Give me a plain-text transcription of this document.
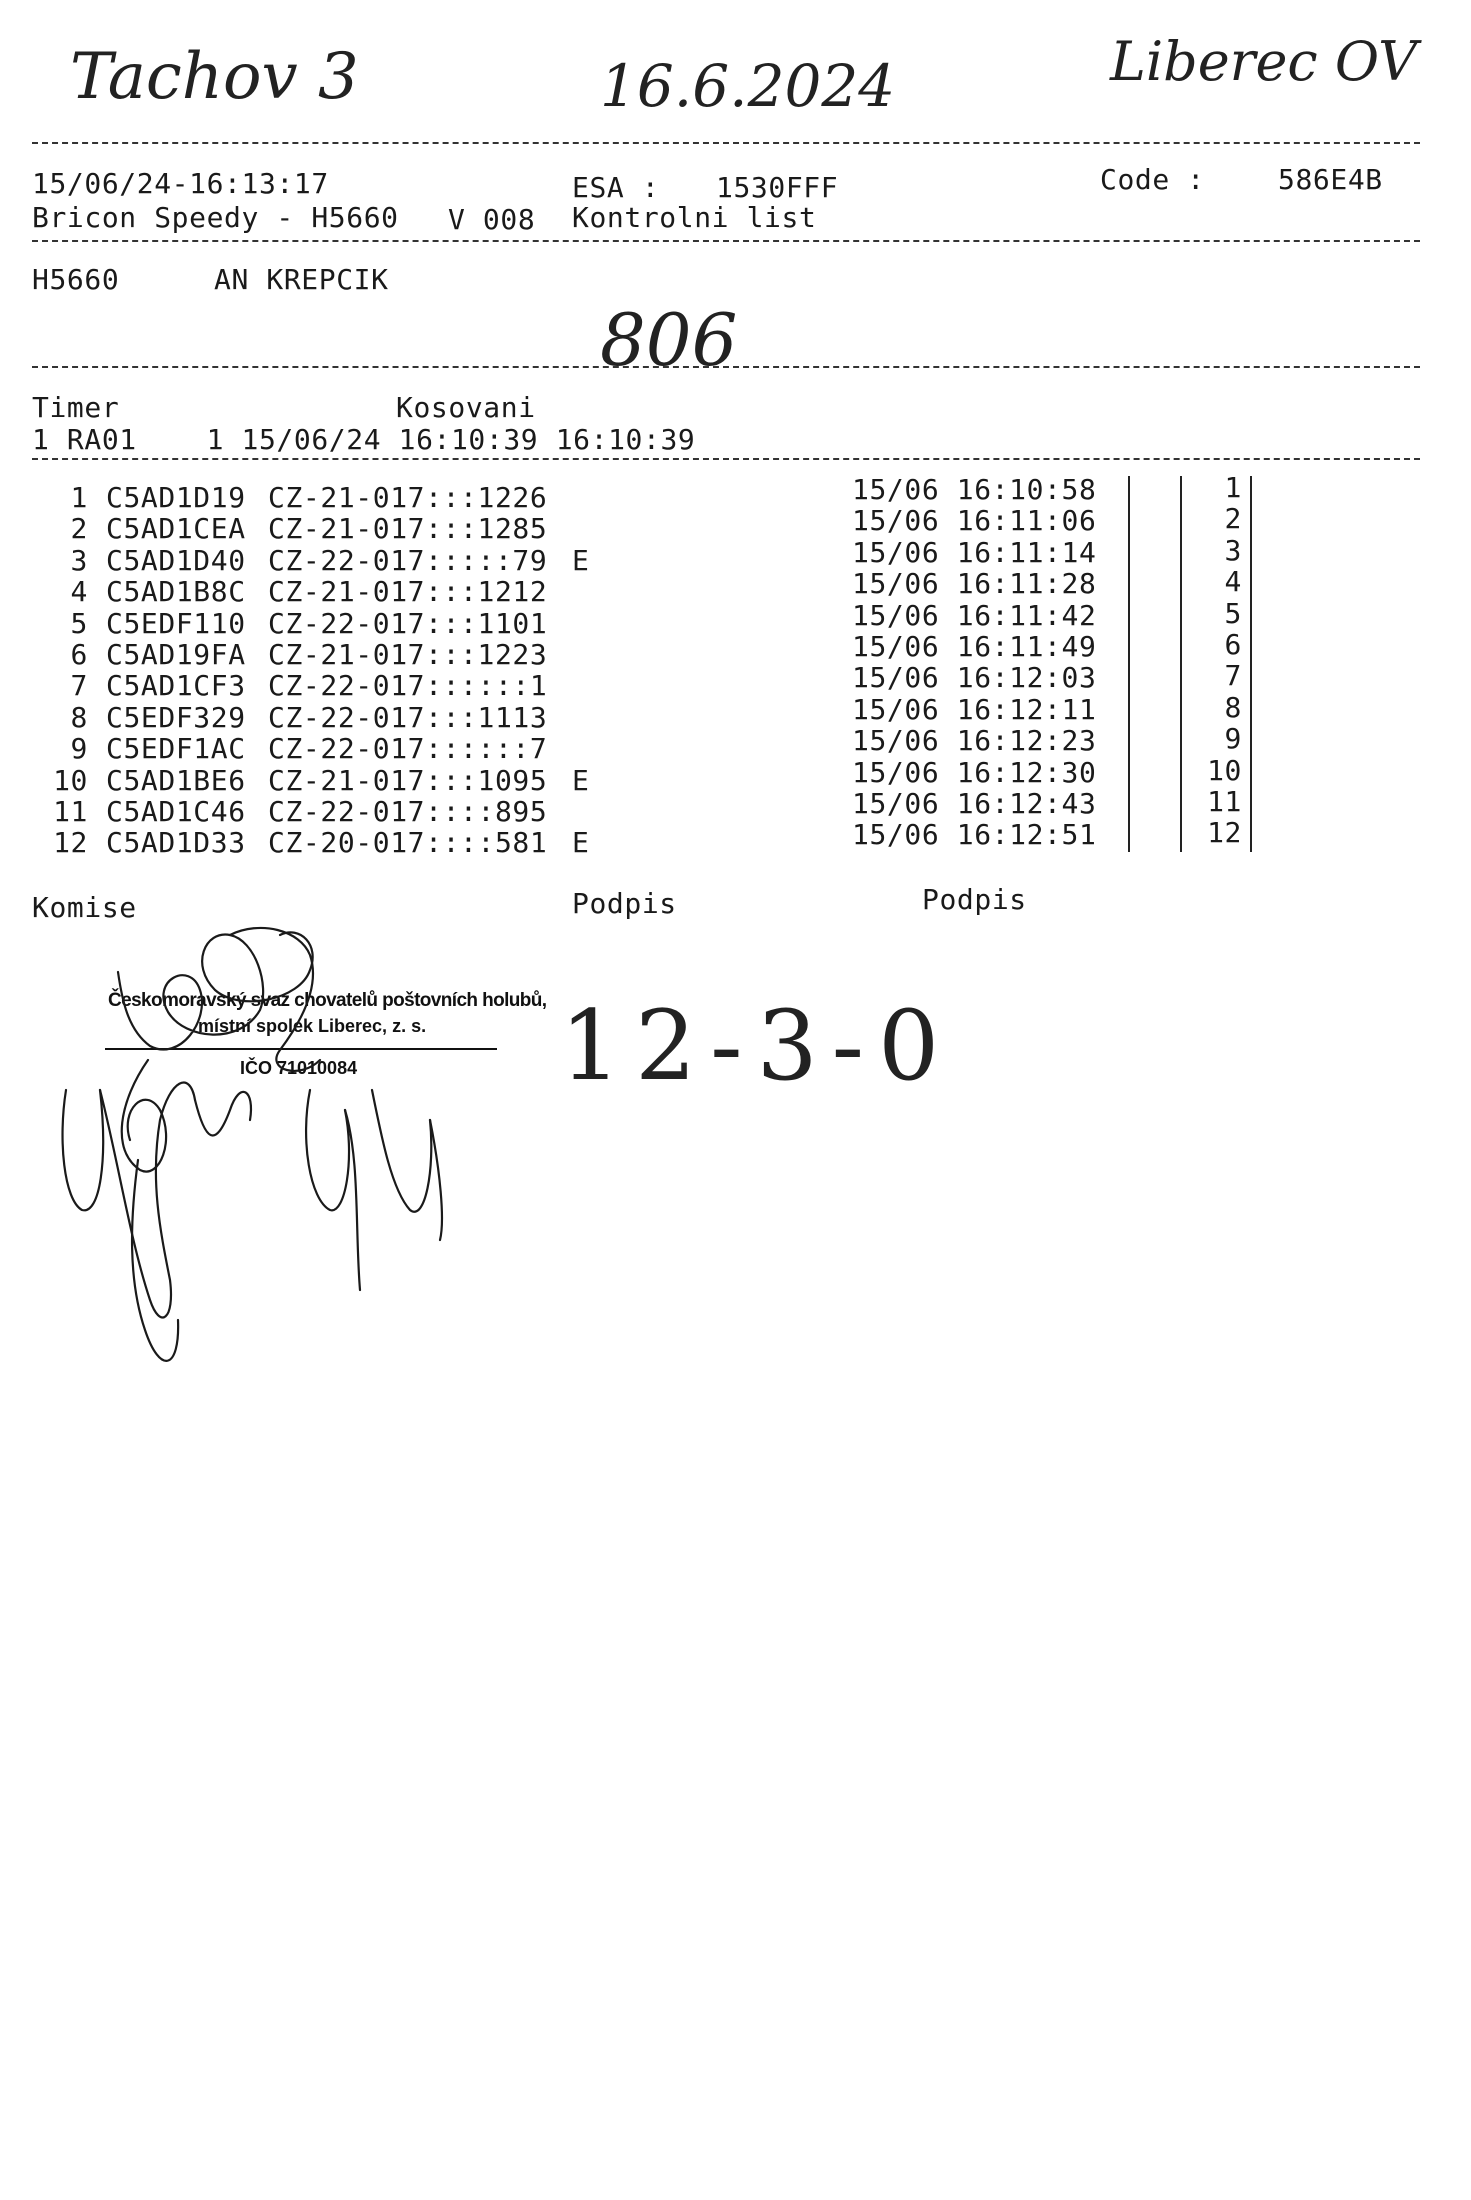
Tachov 3	16.6.2024	Liberec OV
15/06/24-16:13:17	ESA : 1530FFF	Code :	586E4B
Bricon Speedy - H5660 V 008 Kontrolni list
H5660	AN KREPCIK
806
Timer	Kosovani
1 RA01    1 15/06/24 16:10:39 16:10:39
1 C5AD1D19 CZ-21-017:::1226	15/06 16:10:58	1
2 C5AD1CEA CZ-21-017:::1285	15/06 16:11:06	2
3 C5AD1D40 CZ-22-017:::::79 E	15/06 16:11:14	3
4 C5AD1B8C CZ-21-017:::1212	15/06 16:11:28	4
5 C5EDF110 CZ-22-017:::1101	15/06 16:11:42	5
6 C5AD19FA CZ-21-017:::1223	15/06 16:11:49	6
7 C5AD1CF3 CZ-22-017::::::1	15/06 16:12:03	7
8 C5EDF329 CZ-22-017:::1113	15/06 16:12:11	8
9 C5EDF1AC CZ-22-017::::::7	15/06 16:12:23	9
10 C5AD1BE6 CZ-21-017:::1095 E	15/06 16:12:30	10
11 C5AD1C46 CZ-22-017::::895	15/06 16:12:43	11
12 C5AD1D33 CZ-20-017::::581 E	15/06 16:12:51	12
Komise	Podpis	Podpis
Českomoravský svaz chovatelů poštovních holubů,
místní spolek Liberec, z. s.
IČO 71010084 12-3-0
